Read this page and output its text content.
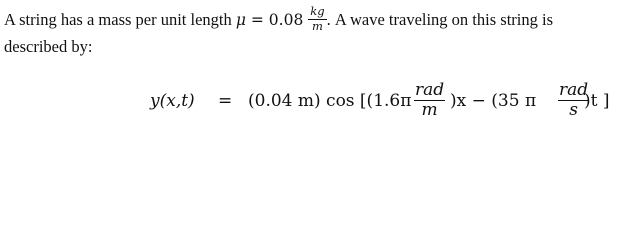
A string has a mass per unit length $\mu = 0.08 \frac{kg}{m}$ . A wave traveling on this string is
described by:
y(x,t) = (0.04 m) cos [(1.6π
rad
m )x − (35 π
rad
s )t ]
